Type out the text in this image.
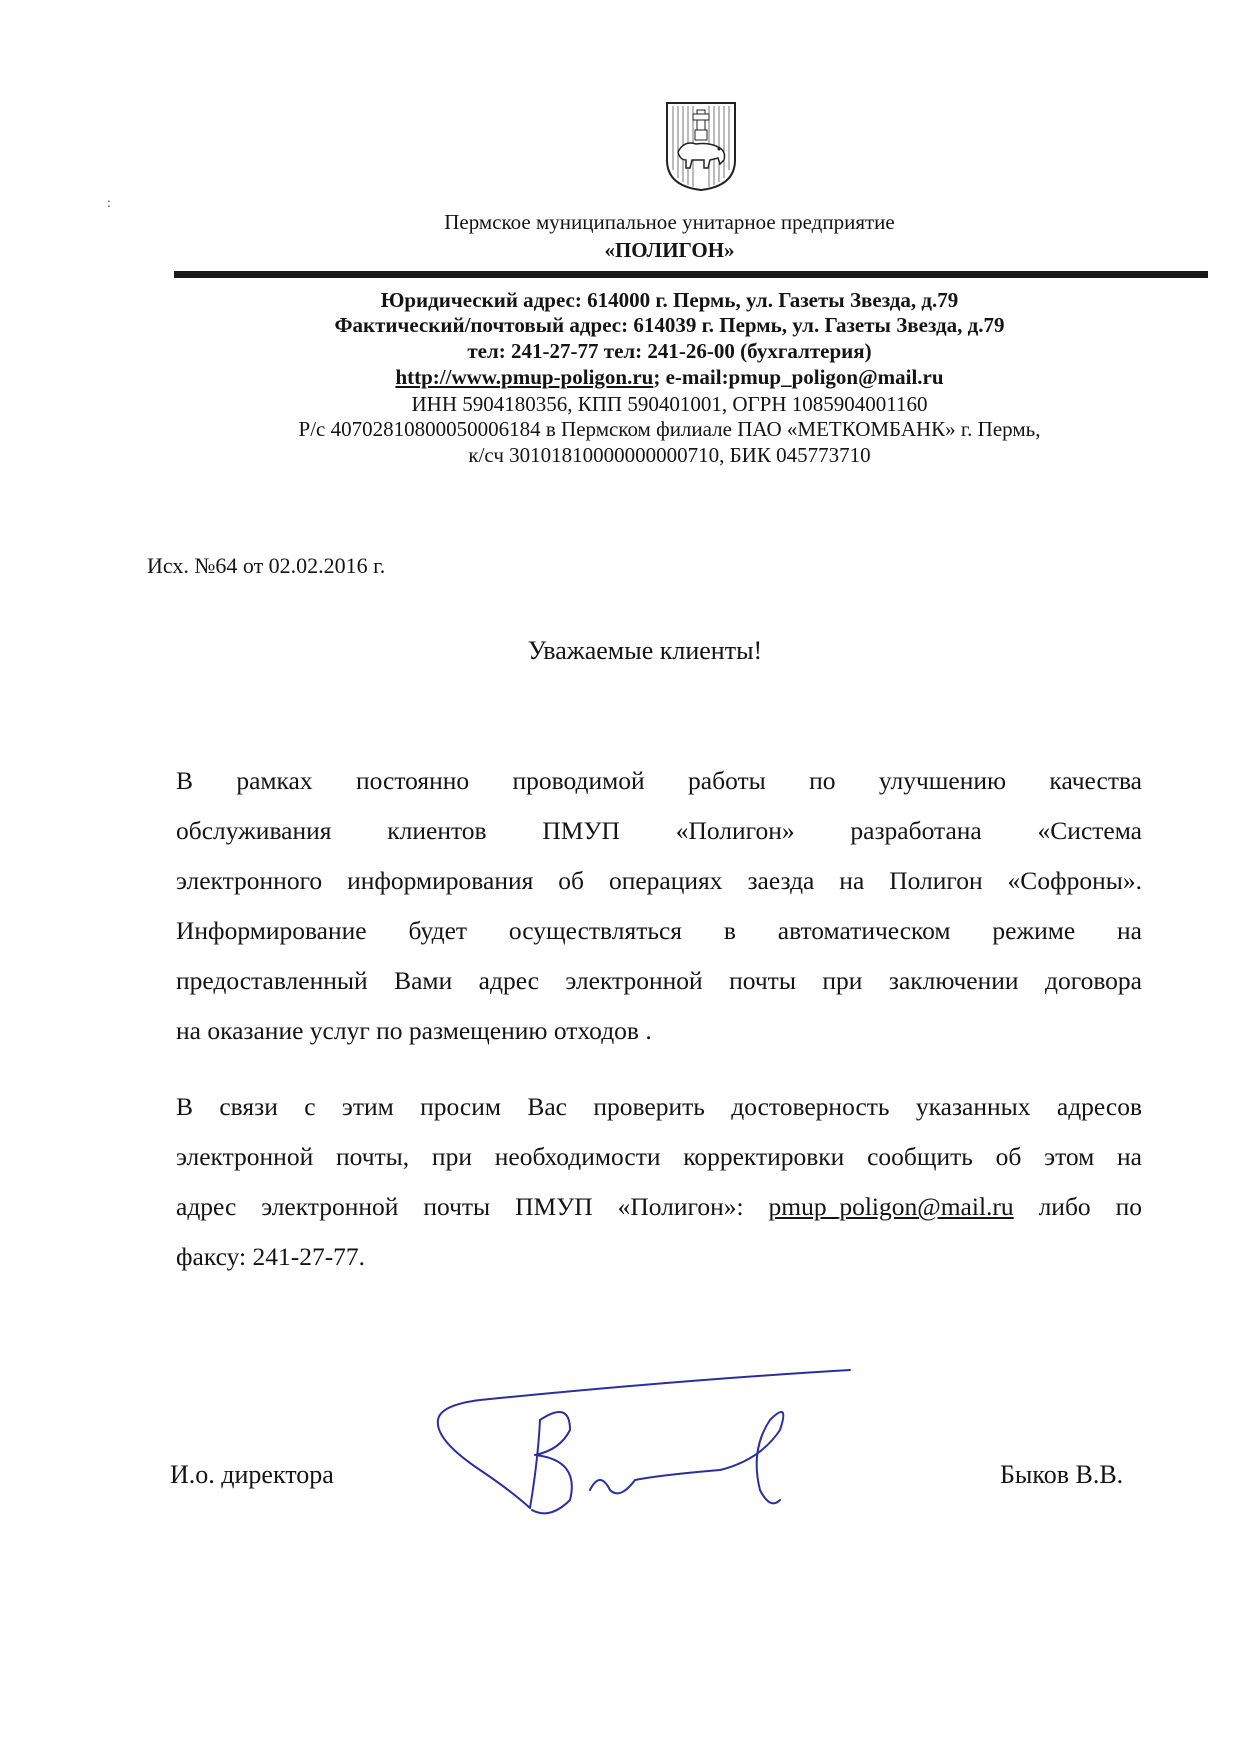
:
Пермское муниципальное унитарное предприятие
«ПОЛИГОН»
Юридический адрес: 614000 г. Пермь, ул. Газеты Звезда, д.79
Фактический/почтовый адрес: 614039 г. Пермь, ул. Газеты Звезда, д.79
тел: 241-27-77 тел: 241-26-00 (бухгалтерия)
http://www.pmup-poligon.ru; e-mail:pmup_poligon@mail.ru
ИНН 5904180356, КПП 590401001, ОГРН 1085904001160
Р/с 40702810800050006184 в Пермском филиале ПАО «МЕТКОМБАНК» г. Пермь,
к/сч 30101810000000000710, БИК 045773710
Исх. №64 от 02.02.2016 г.
Уважаемые клиенты!
В рамках постоянно проводимой работы по улучшению качества
обслуживания клиентов ПМУП «Полигон» разработана «Система
электронного информирования об операциях заезда на Полигон «Софроны».
Информирование будет осуществляться в автоматическом режиме на
предоставленный Вами адрес электронной почты при заключении договора
на оказание услуг по размещению отходов .
В связи с этим просим Вас проверить достоверность указанных адресов
электронной почты, при необходимости корректировки сообщить об этом на
адрес электронной почты ПМУП «Полигон»: pmup_poligon@mail.ru либо по
факсу: 241-27-77.
И.о. директора	Быков В.В.
